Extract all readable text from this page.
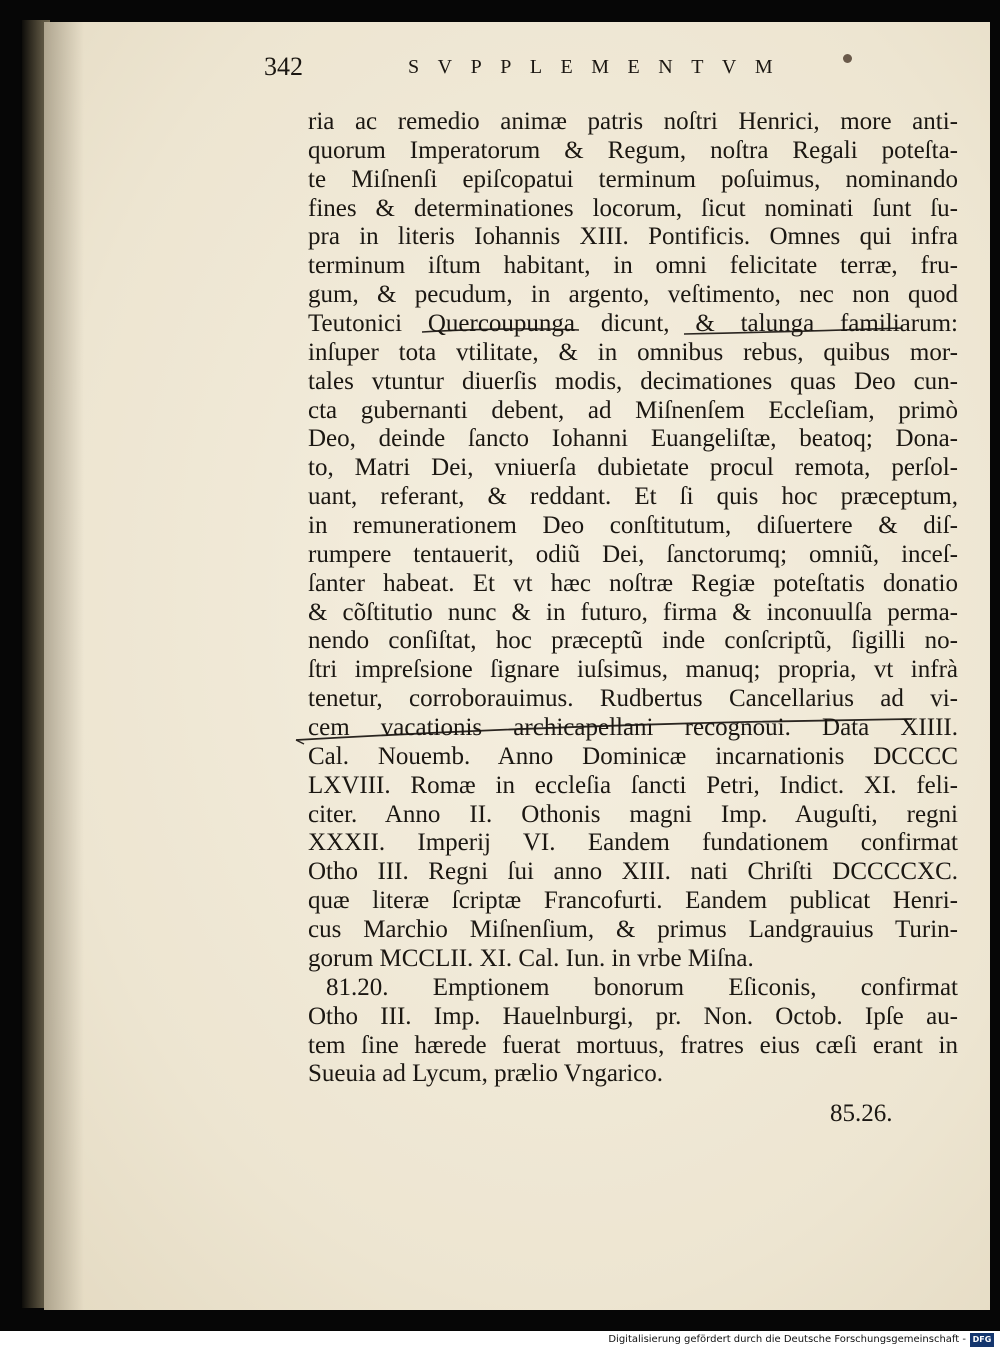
ria ac remedio animæ patris noſtri Henrici, more anti-
quorum Imperatorum & Regum, noſtra Regali poteſta-
te Miſnenſi epiſcopatui terminum poſuimus, nominando
fines & determinationes locorum, ſicut nominati ſunt ſu-
pra in literis Iohannis XIII. Pontificis. Omnes qui infra
terminum iſtum habitant, in omni felicitate terræ, fru-
gum, & pecudum, in argento, veſtimento, nec non quod
Teutonici Quercoupunga dicunt, & talunga familiarum:
inſuper tota vtilitate, & in omnibus rebus, quibus mor-
tales vtuntur diuerſis modis, decimationes quas Deo cun-
cta gubernanti debent, ad Miſnenſem Eccleſiam, primò
Deo, deinde ſancto Iohanni Euangeliſtæ, beatoq; Dona-
to, Matri Dei, vniuerſa dubietate procul remota, perſol-
uant, referant, & reddant. Et ſi quis hoc præceptum,
in remunerationem Deo conſtitutum, diſuertere & diſ-
rumpere tentauerit, odiũ Dei, ſanctorumq; omniũ, inceſ-
ſanter habeat. Et vt hæc noſtræ Regiæ poteſtatis donatio
& cõſtitutio nunc & in futuro, firma & inconuulſa perma-
nendo conſiſtat, hoc præceptũ inde conſcriptũ, ſigilli no-
ſtri impreſsione ſignare iuſsimus, manuq; propria, vt infrà
tenetur, corroborauimus. Rudbertus Cancellarius ad vi-
cem vacationis archicapellani recognoui. Data XIIII.
Cal. Nouemb. Anno Dominicæ incarnationis DCCCC
LXVIII. Romæ in eccleſia ſancti Petri, Indict. XI. feli-
citer. Anno II. Othonis magni Imp. Auguſti, regni
XXXII. Imperij VI. Eandem fundationem confirmat
Otho III. Regni ſui anno XIII. nati Chriſti DCCCCXC.
quæ literæ ſcriptæ Francofurti. Eandem publicat Henri-
cus Marchio Miſnenſium, & primus Landgrauius Turin-
gorum MCCLII. XI. Cal. Iun. in vrbe Miſna.
81.20. Emptionem bonorum Eſiconis, confirmat
Otho III. Imp. Hauelnburgi, pr. Non. Octob. Ipſe au-
tem ſine hærede fuerat mortuus, fratres eius cæſi erant in
Sueuia ad Lycum, prælio Vngarico.
85.26.
342	SVPPLEMENTVM
Digitalisierung gefördert durch die Deutsche Forschungsgemeinschaft - DFG
